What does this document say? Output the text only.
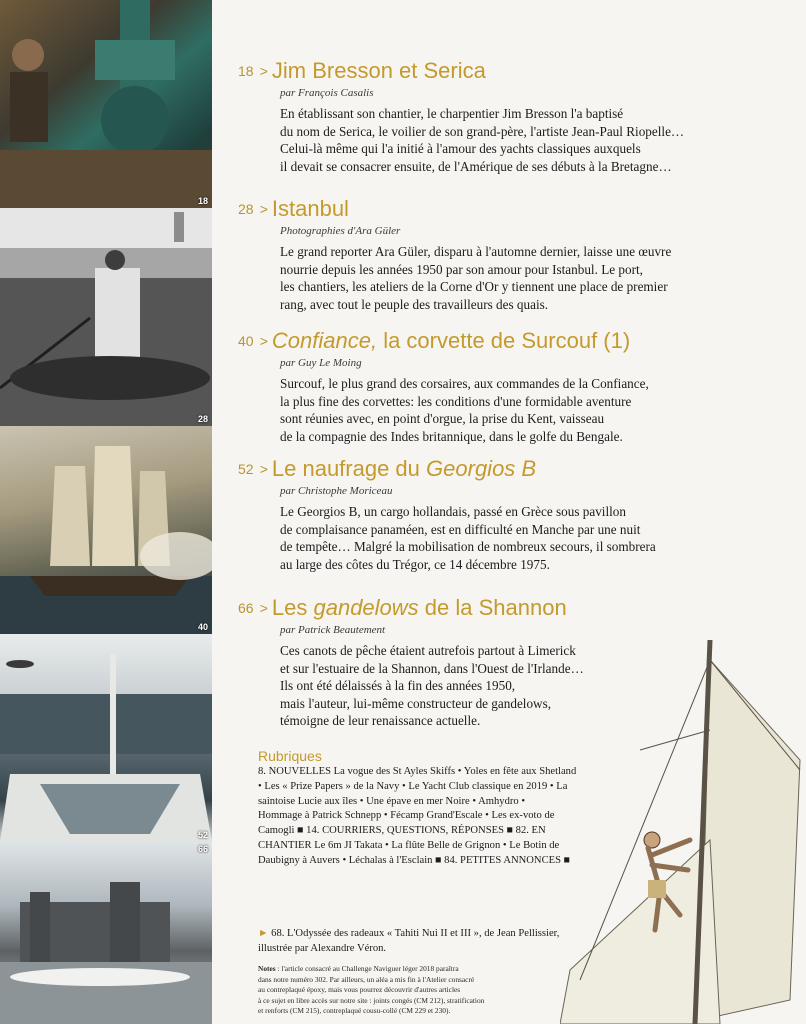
18
28
40
52
66
18 > Jim Bresson et Serica
par François Casalis
En établissant son chantier, le charpentier Jim Bresson l'a baptisé
du nom de Serica, le voilier de son grand-père, l'artiste Jean-Paul Riopelle…
Celui-là même qui l'a initié à l'amour des yachts classiques auxquels
il devait se consacrer ensuite, de l'Amérique de ses débuts à la Bretagne…
28 > Istanbul
Photographies d'Ara Güler
Le grand reporter Ara Güler, disparu à l'automne dernier, laisse une œuvre
nourrie depuis les années 1950 par son amour pour Istanbul. Le port,
les chantiers, les ateliers de la Corne d'Or y tiennent une place de premier
rang, avec tout le peuple des travailleurs des quais.
40 > Confiance, la corvette de Surcouf (1)
par Guy Le Moing
Surcouf, le plus grand des corsaires, aux commandes de la Confiance,
la plus fine des corvettes: les conditions d'une formidable aventure
sont réunies avec, en point d'orgue, la prise du Kent, vaisseau
de la compagnie des Indes britannique, dans le golfe du Bengale.
52 > Le naufrage du Georgios B
par Christophe Moriceau
Le Georgios B, un cargo hollandais, passé en Grèce sous pavillon
de complaisance panaméen, est en difficulté en Manche par une nuit
de tempête… Malgré la mobilisation de nombreux secours, il sombrera
au large des côtes du Trégor, ce 14 décembre 1975.
66 > Les gandelows de la Shannon
par Patrick Beautement
Ces canots de pêche étaient autrefois partout à Limerick
et sur l'estuaire de la Shannon, dans l'Ouest de l'Irlande…
Ils ont été délaissés à la fin des années 1950,
mais l'auteur, lui-même constructeur de gandelows,
témoigne de leur renaissance actuelle.
Rubriques
8. NOUVELLES La vogue des St Ayles Skiffs • Yoles en fête aux Shetland
• Les « Prize Papers » de la Navy • Le Yacht Club classique en 2019 • La
saintoise Lucie aux îles • Une épave en mer Noire • Amhydro •
Hommage à Patrick Schnepp • Fécamp Grand'Escale • Les ex-voto de
Camogli ■ 14. COURRIERS, QUESTIONS, RÉPONSES ■ 82. EN
CHANTIER Le 6m JI Takata • La flûte Belle de Grignon • Le Botin de
Daubigny à Auvers • Léchalas à l'Esclain ■ 84. PETITES ANNONCES ■
► 68. L'Odyssée des radeaux « Tahiti Nui II et III », de Jean Pellissier,
illustrée par Alexandre Véron.
Notes : l'article consacré au Challenge Naviguer léger 2018 paraîtra
dans notre numéro 302. Par ailleurs, un aléa a mis fin à l'Atelier consacré
au contreplaqué époxy, mais vous pourrez découvrir d'autres articles
à ce sujet en libre accès sur notre site : joints congés (CM 212), stratification
et renforts (CM 215), contreplaqué cousu-collé (CM 229 et 230).
